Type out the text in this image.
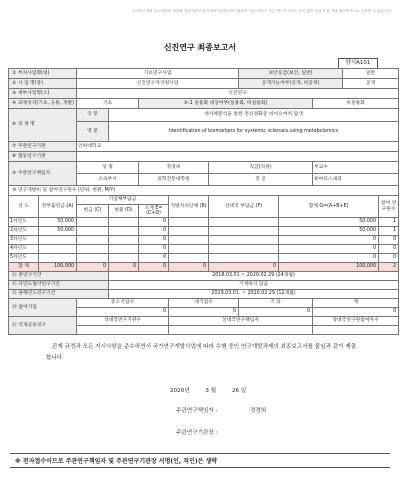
국가연구개발 보고서원문 성과물 전담기관인 한국과학기술정보연구원에서 가공·서비스 하는 연구보고서는 동의 없이 상업적 및 기타 영리목적으로 사용할 수 없습니다.
신진연구 최종보고서
양식A101
① 부처사업명(대)		기초연구사업					보안등급(보안, 일반)			일반	
② 사 업 명(중)		신진연구자지원사업					공개가능여부(공개, 비공개)			공개	
③ 세부사업명(소)		신진연구									
④ 과제성격(기초, 응용, 개발)		기초		⑤-1 실용화 대상여부(실용화, 비실용화)					비실용화		
⑥ 과 제 명		국 문	대사체분석을 통한 전신경화증 바이오마커 탐색								
		영 문	Identification of biomarkers for systemic sclerosis using metabolomics								
⑦ 주관연구기관		인하대학교									
⑧ 협동연구기관											
⑨ 주관연구책임자		성 명		정경희		직급(직위)			부교수		
		소속부서		의학전문대학원		전 공			류마티스내과		
⑩ 연구개발비 및 참여연구원수 (단위: 천원, M/Y)											
년 도	정부출연금 (A)	기업체부담금			지방자치단체 (B)	상대국 부담금 (F)		합계 G=(A+B+E)			참여 연구원수
		현금 (C)	현물 (D)	소계 E=(C+D)							
1차년도	50,000			0				50,000			1
2차년도	50,000			0				50,000			1
3차년도				0				0			0
4차년도				0				0			0
5차년도				0				0			0
합 계	100,000	0	0	0	0	0		100,000			2
⑪ 총연구기간			2018.03.01 ~ 2020.02.29 (24개월)								
⑫ 다년도협약연구기간			기재하지 않음								
⑬ 당해년도연구기간			2019.03.01. ~ 2020.02.29 (12개월)								
⑭ 참여기업		중소기업수			대기업수		기 타		계		
		0			0		0		0		
⑮ 국제공동연구		상대국연구기관수			상대국연구책임자				상대국연구원참여자수		

관계 규정과 모든 지시사항을 준수하면서 국가연구개발사업에 따라 수행 중인 연구개발과제의 최종보고서를 붙임과 같이 제출합니다.
2020년	3 월	26 일
주관연구책임자 :	정경희
주관연구기관장 :
※ 전자접수이므로 주관연구책임자 및 주관연구기관장 서명(인, 직인)은 생략
